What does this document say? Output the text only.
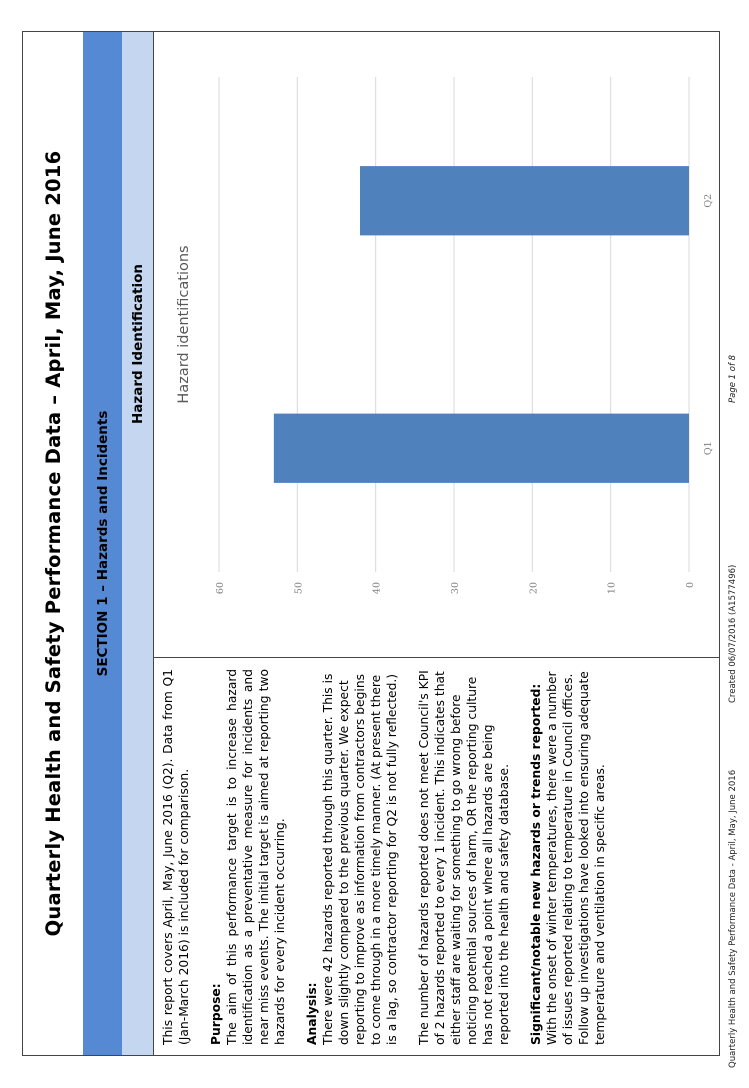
Quarterly Health and Safety Performance Data – April, May, June 2016	SECTION 1 – Hazards and Incidents
Hazard Identification

This report covers April, May, June 2016 (Q2). Data from Q1 (Jan-March 2016) is included for comparison. Purpose: The aim of this performance target is to increase hazard identification as a preventative measure for incidents and near miss events. The initial target is aimed at reporting two hazards for every incident occurring. Analysis: There were 42 hazards reported through this quarter. This is down slightly compared to the previous quarter. We expect reporting to improve as information from contractors begins to come through in a more timely manner. (At present there is a lag, so contractor reporting for Q2 is not fully reflected.) The number of hazards reported does not meet Council's KPI of 2 hazards reported to every 1 incident. This indicates that either staff are waiting for something to go wrong before noticing potential sources of harm, OR the reporting culture has not reached a point where all hazards are being reported into the health and safety database. Significant/notable new hazards or trends reported: With the onset of winter temperatures, there were a number of issues reported relating to temperature in Council offices. Follow up investigations have looked into ensuring adequate temperature and ventilation in specific areas.

Hazard identifications
0
10
20
30
40
50
60
Q1
Q2
Quarterly Health and Safety Performance Data - April, May, June 2016
Created 06/07/2016 (A1577496)
Page 1 of 8
